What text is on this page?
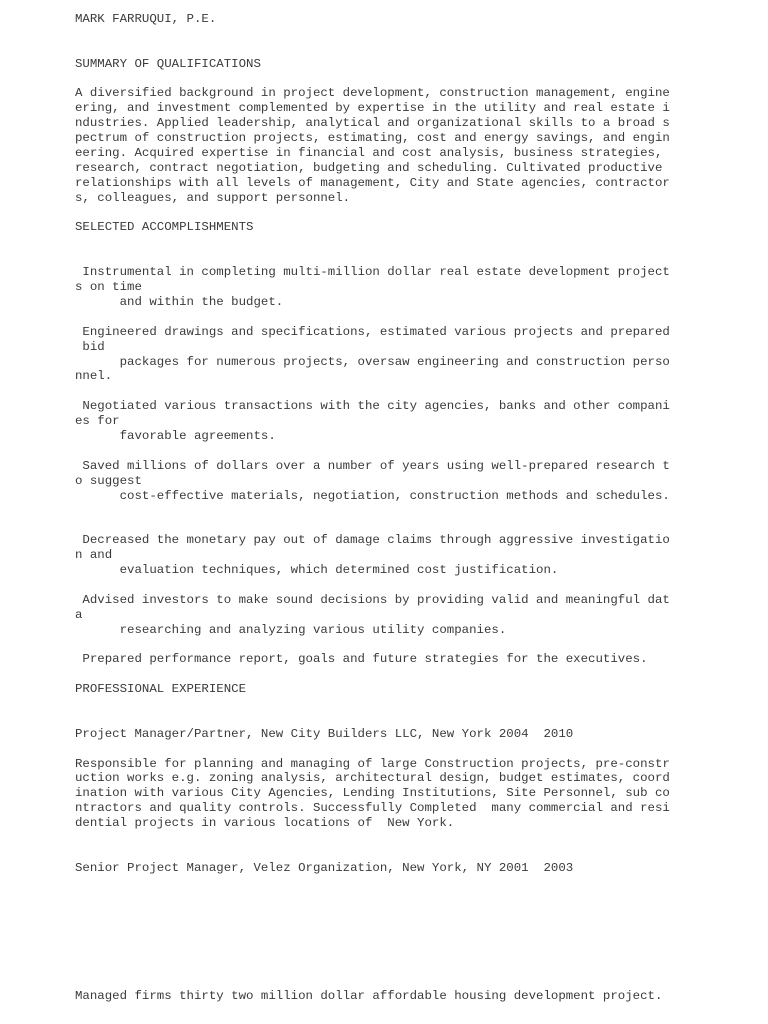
MARK FARRUQUI, P.E.
SUMMARY OF QUALIFICATIONS
A diversified background in project development, construction management, engine
ering, and investment complemented by expertise in the utility and real estate i
ndustries. Applied leadership, analytical and organizational skills to a broad s
pectrum of construction projects, estimating, cost and energy savings, and engin
eering. Acquired expertise in financial and cost analysis, business strategies,
research, contract negotiation, budgeting and scheduling. Cultivated productive
relationships with all levels of management, City and State agencies, contractor
s, colleagues, and support personnel.
SELECTED ACCOMPLISHMENTS
Instrumental in completing multi-million dollar real estate development project
s on time
and within the budget.
Engineered drawings and specifications, estimated various projects and prepared
bid
packages for numerous projects, oversaw engineering and construction perso
nnel.
Negotiated various transactions with the city agencies, banks and other compani
es for
favorable agreements.
Saved millions of dollars over a number of years using well-prepared research t
o suggest
cost-effective materials, negotiation, construction methods and schedules.
Decreased the monetary pay out of damage claims through aggressive investigatio
n and
evaluation techniques, which determined cost justification.
Advised investors to make sound decisions by providing valid and meaningful dat
a
researching and analyzing various utility companies.
Prepared performance report, goals and future strategies for the executives.
PROFESSIONAL EXPERIENCE
Project Manager/Partner, New City Builders LLC, New York 2004  2010
Responsible for planning and managing of large Construction projects, pre-constr
uction works e.g. zoning analysis, architectural design, budget estimates, coord
ination with various City Agencies, Lending Institutions, Site Personnel, sub co
ntractors and quality controls. Successfully Completed  many commercial and resi
dential projects in various locations of  New York.
Senior Project Manager, Velez Organization, New York, NY 2001  2003
Managed firms thirty two million dollar affordable housing development project.
